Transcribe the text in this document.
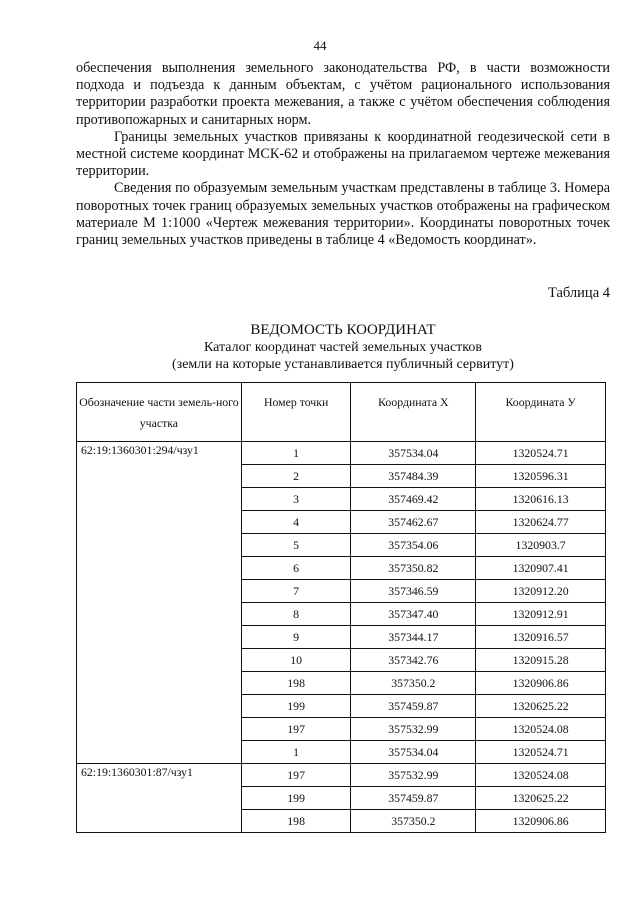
44

обеспечения выполнения земельного законодательства РФ, в части возможности подхода и подъезда к данным объектам, с учётом рационального использования территории разработки проекта межевания, а также с учётом обеспечения соблюдения противопожарных и санитарных норм.

Границы земельных участков привязаны к координатной геодезической сети в местной системе координат МСК-62 и отображены на прилагаемом чертеже межевания территории.

Сведения по образуемым земельным участкам представлены в таблице 3. Номера поворотных точек границ образуемых земельных участков отображены на графическом материале М 1:1000 «Чертеж межевания территории». Координаты поворотных точек границ земельных участков приведены в таблице 4 «Ведомость координат».

Таблица 4
ВЕДОМОСТЬ КООРДИНАТ
Каталог координат частей земельных участков
(земли на которые устанавливается публичный сервитут)
Обозначение части земель-ного участка	Номер точки	Координата Х	Координата У
62:19:1360301:294/чзу1	1	357534.04	1320524.71
	2	357484.39	1320596.31
	3	357469.42	1320616.13
	4	357462.67	1320624.77
	5	357354.06	1320903.7
	6	357350.82	1320907.41
	7	357346.59	1320912.20
	8	357347.40	1320912.91
	9	357344.17	1320916.57
	10	357342.76	1320915.28
	198	357350.2	1320906.86
	199	357459.87	1320625.22
	197	357532.99	1320524.08
	1	357534.04	1320524.71
62:19:1360301:87/чзу1	197	357532.99	1320524.08
	199	357459.87	1320625.22
	198	357350.2	1320906.86
